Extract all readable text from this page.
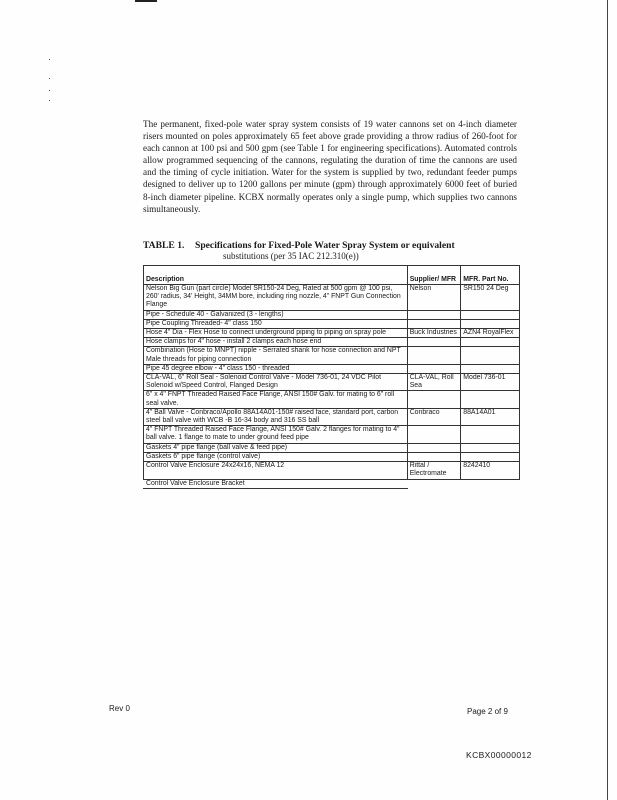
The permanent, fixed-pole water spray system consists of 19 water cannons set on 4-inch diameter risers mounted on poles approximately 65 feet above grade providing a throw radius of 260-foot for each cannon at 100 psi and 500 gpm (see Table 1 for engineering specifications). Automated controls allow programmed sequencing of the cannons, regulating the duration of time the cannons are used and the timing of cycle initiation. Water for the system is supplied by two, redundant feeder pumps designed to deliver up to 1200 gallons per minute (gpm) through approximately 6000 feet of buried 8-inch diameter pipeline. KCBX normally operates only a single pump, which supplies two cannons simultaneously.

TABLE 1. Specifications for Fixed-Pole Water Spray System or equivalent
substitutions (per 35 IAC 212.310(e))
Description	Supplier/ MFR	MFR. Part No.
Nelson Big Gun (part circle) Model SR150-24 Deg, Rated at 500 gpm @ 100 psi, 260' radius, 34' Height, 34MM bore, including ring nozzle, 4" FNPT Gun Connection Flange	Nelson	SR150 24 Deg
Pipe - Schedule 40 - Galvanized (3 - lengths)		
Pipe Coupling Threaded- 4" class 150		
Hose 4" Dia - Flex Hose to connect underground piping to piping on spray pole	Buck Industries	AZN4 RoyalFlex
Hose clamps for 4" hose - install 2 clamps each hose end		
Combination (Hose to MNPT) nipple - Serrated shank for hose connection and NPT Male threads for piping connection		
Pipe 45 degree elbow - 4" class 150 - threaded		
CLA-VAL, 6" Roll Seal - Solenoid Control Valve - Model 736-01, 24 VDC Pilot Solenoid w/Speed Control, Flanged Design	CLA-VAL, Roll Sea	Model 736-01
6" x 4" FNPT Threaded Raised Face Flange, ANSI 150# Galv. for mating to 6" roll seal valve.		
4" Ball Valve - Conbraco/Apollo 88A14A01-150# raised face, standard port, carbon steel ball valve with WCB -B 16-34 body and 316 SS ball	Conbraco	88A14A01
4" FNPT Threaded Raised Face Flange, ANSI 150# Galv. 2 flanges for mating to 4" ball valve. 1 flange to mate to under ground feed pipe		
Gaskets 4" pipe flange (ball valve & feed pipe)		
Gaskets 6" pipe flange (control valve)		
Control Valve Enclosure 24x24x16, NEMA 12	Rittal / Electromate	8242410
Control Valve Enclosure Bracket		
Rev 0	Page 2 of 9
KCBX00000012
